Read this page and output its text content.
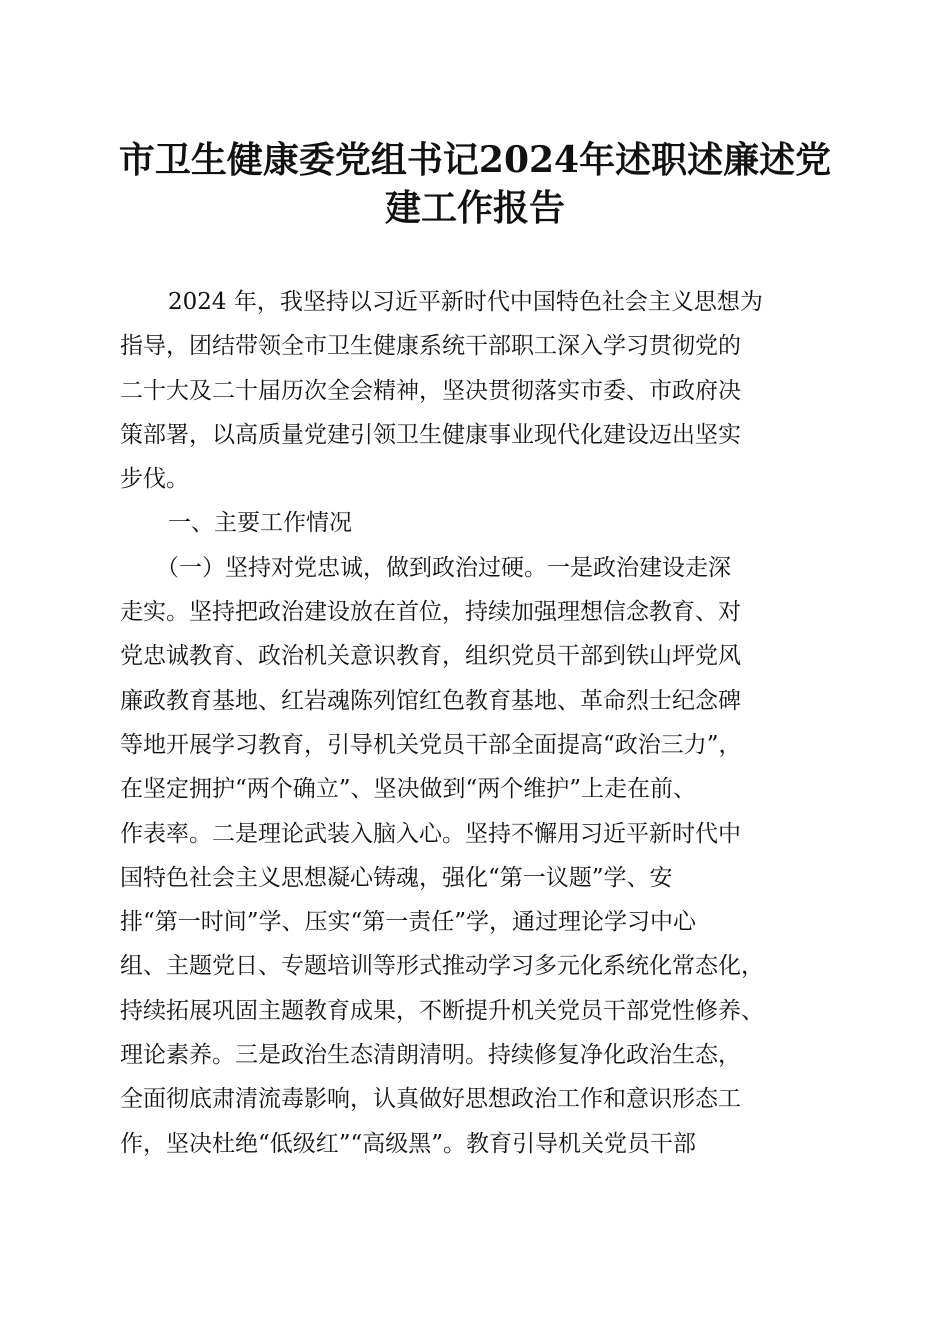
市卫生健康委党组书记2024年述职述廉述党
建工作报告
2024 年，我坚持以习近平新时代中国特色社会主义思想为
指导，团结带领全市卫生健康系统干部职工深入学习贯彻党的
二十大及二十届历次全会精神，坚决贯彻落实市委、市政府决
策部署，以高质量党建引领卫生健康事业现代化建设迈出坚实
步伐。
一、主要工作情况
（一）坚持对党忠诚，做到政治过硬。一是政治建设走深
走实。坚持把政治建设放在首位，持续加强理想信念教育、对
党忠诚教育、政治机关意识教育，组织党员干部到铁山坪党风
廉政教育基地、红岩魂陈列馆红色教育基地、革命烈士纪念碑
等地开展学习教育，引导机关党员干部全面提高“政治三力”，
在坚定拥护“两个确立”、坚决做到“两个维护”上走在前、
作表率。二是理论武装入脑入心。坚持不懈用习近平新时代中
国特色社会主义思想凝心铸魂，强化“第一议题”学、安
排“第一时间”学、压实“第一责任”学，通过理论学习中心
组、主题党日、专题培训等形式推动学习多元化系统化常态化，
持续拓展巩固主题教育成果，不断提升机关党员干部党性修养、
理论素养。三是政治生态清朗清明。持续修复净化政治生态，
全面彻底肃清流毒影响，认真做好思想政治工作和意识形态工
作，坚决杜绝“低级红”“高级黑”。教育引导机关党员干部
